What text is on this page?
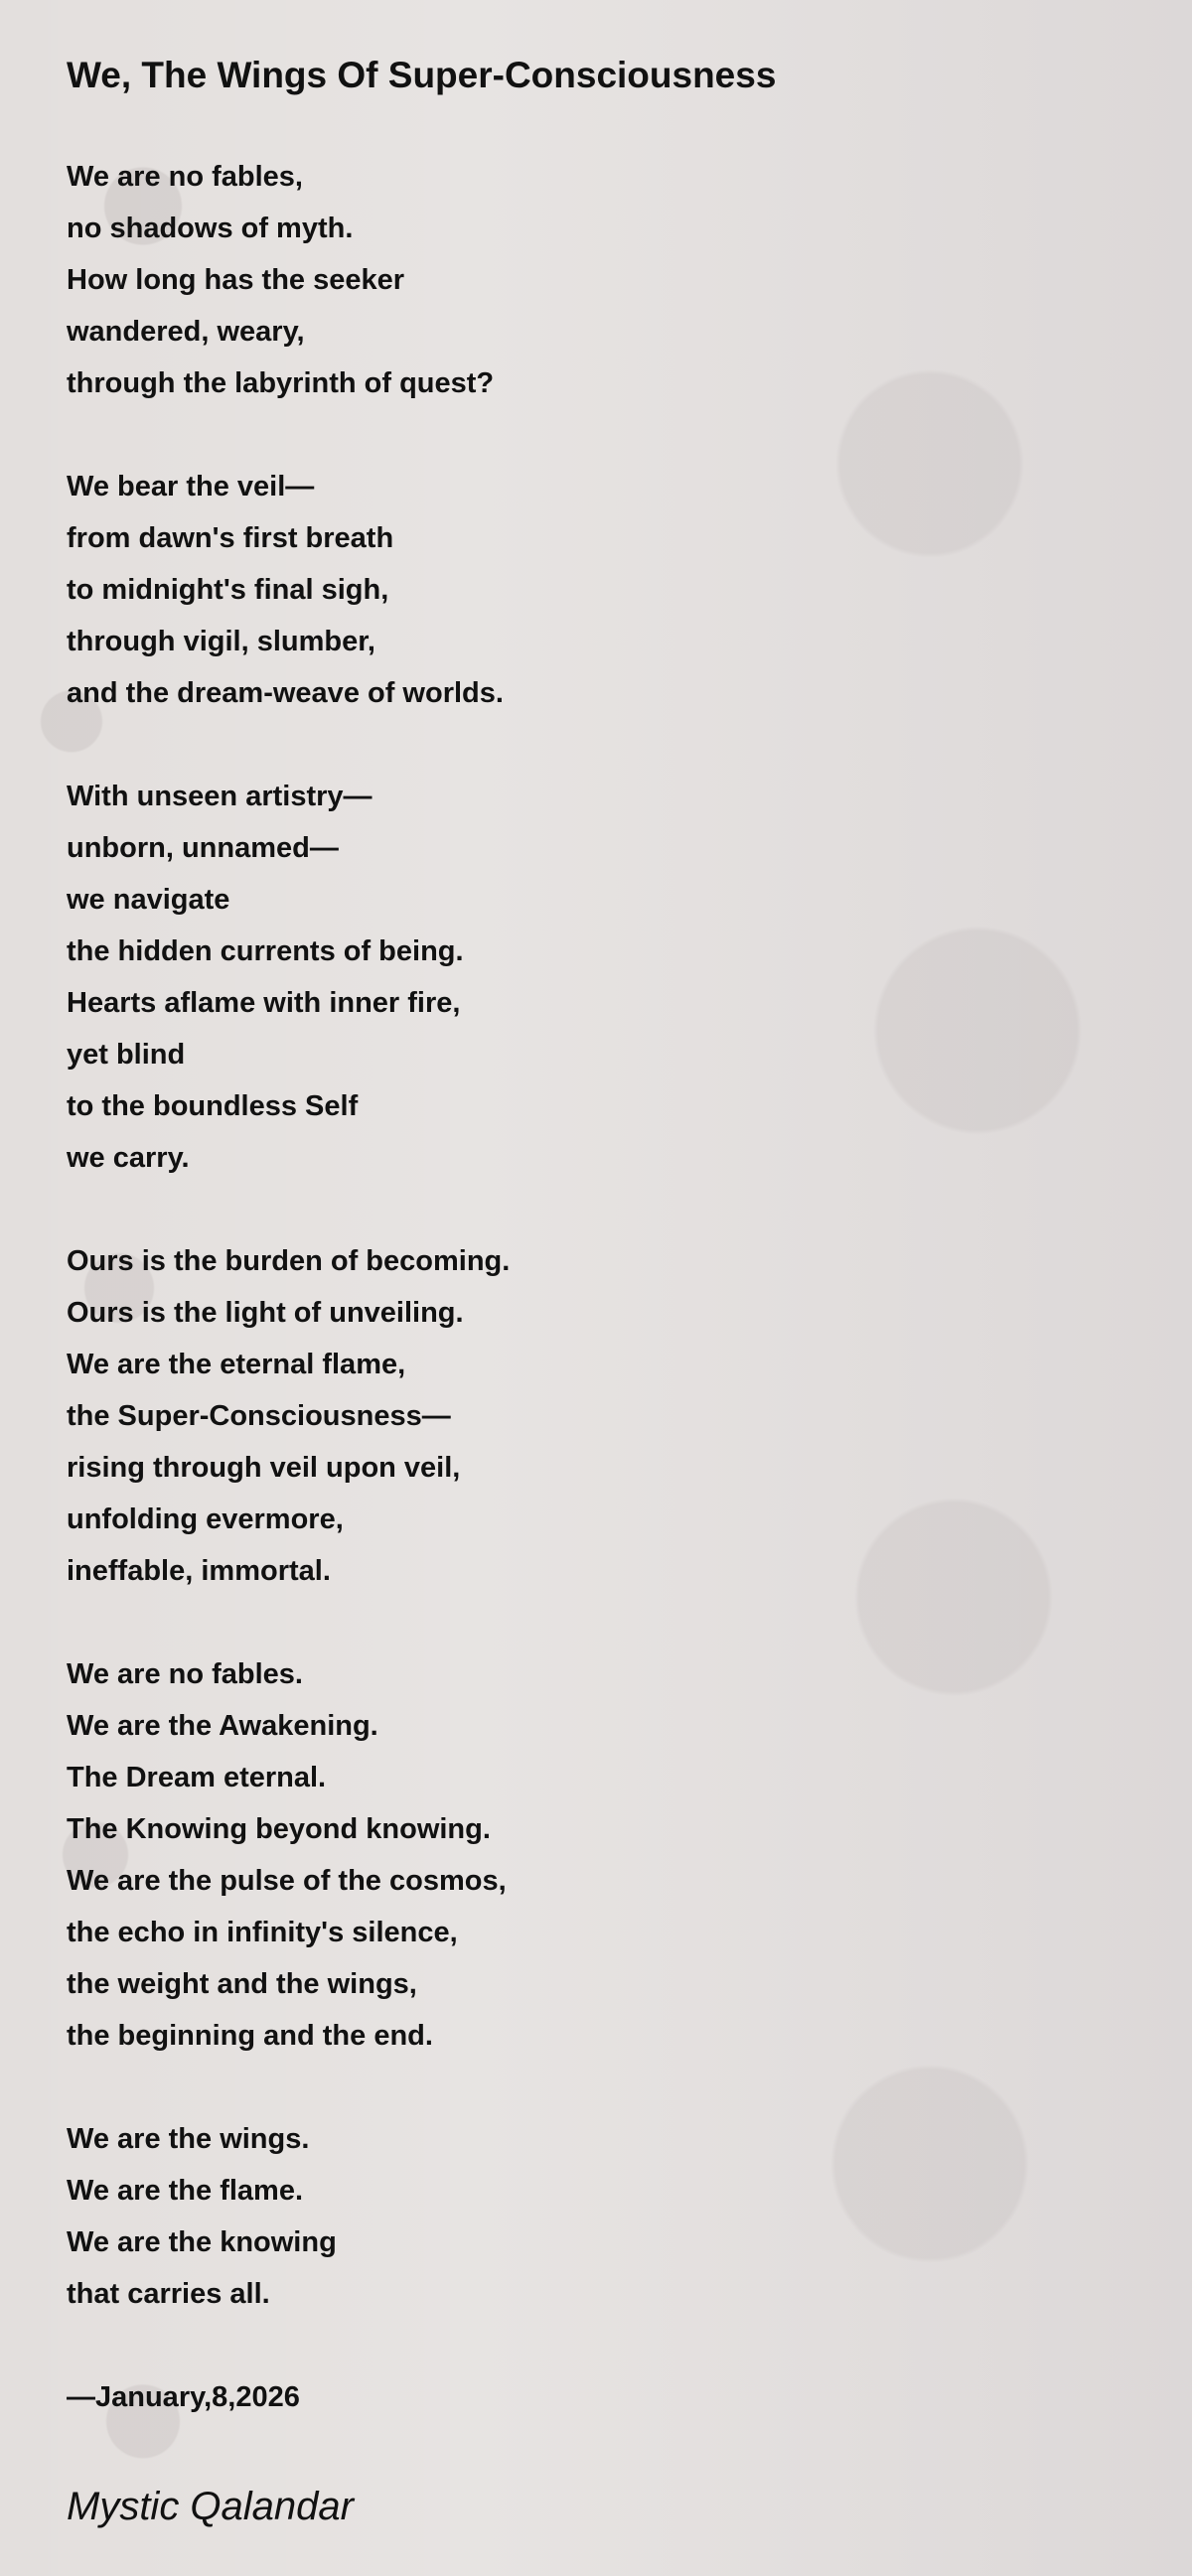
We, The Wings Of Super-Consciousness
We are no fables,
no shadows of myth.
How long has the seeker
wandered, weary,
through the labyrinth of quest?
We bear the veil—
from dawn's first breath
to midnight's final sigh,
through vigil, slumber,
and the dream-weave of worlds.
With unseen artistry—
unborn, unnamed—
we navigate
the hidden currents of being.
Hearts aflame with inner fire,
yet blind
to the boundless Self
we carry.
Ours is the burden of becoming.
Ours is the light of unveiling.
We are the eternal flame,
the Super-Consciousness—
rising through veil upon veil,
unfolding evermore,
ineffable, immortal.
We are no fables.
We are the Awakening.
The Dream eternal.
The Knowing beyond knowing.
We are the pulse of the cosmos,
the echo in infinity's silence,
the weight and the wings,
the beginning and the end.
We are the wings.
We are the flame.
We are the knowing
that carries all.
—January,8,2026
Mystic Qalandar
